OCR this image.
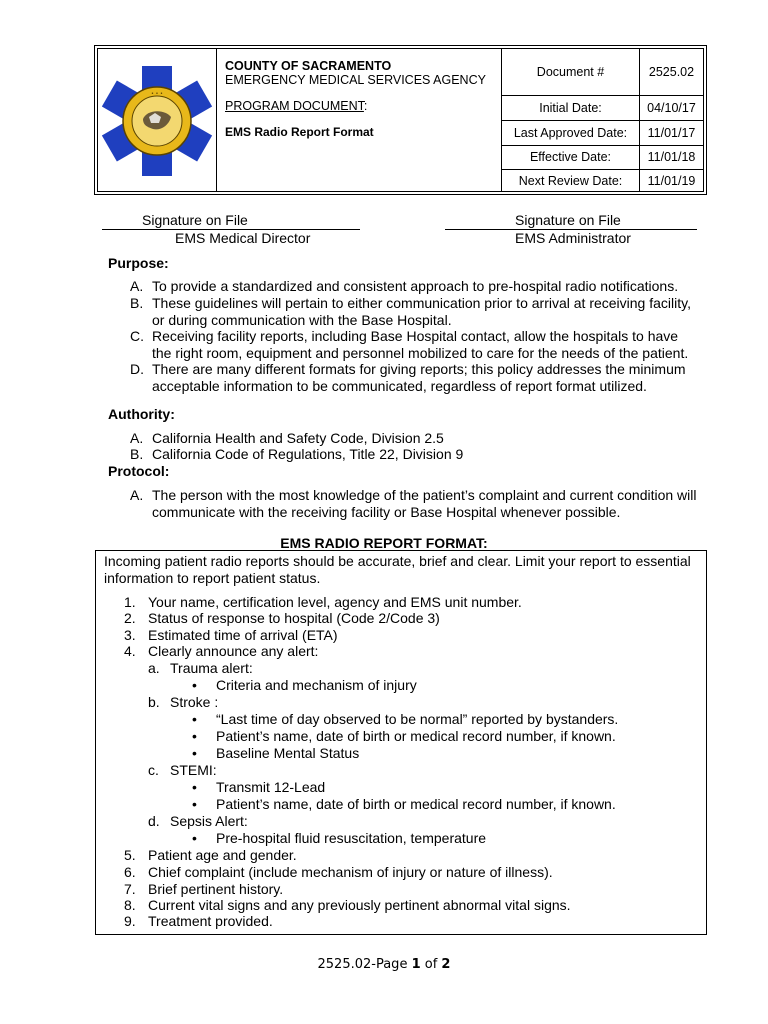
• • •
COUNTY OF SACRAMENTO
EMERGENCY MEDICAL SERVICES AGENCY
PROGRAM DOCUMENT:
EMS Radio Report Format
Document #	2525.02
Initial Date:	04/10/17
Last Approved Date:	11/01/17
Effective Date:	11/01/18
Next Review Date:	11/01/19
Signature on File
EMS Medical Director
Signature on File
EMS Administrator
Purpose:
A. To provide a standardized and consistent approach to pre-hospital radio notifications.
B. These guidelines will pertain to either communication prior to arrival at receiving facility, or during communication with the Base Hospital.
C. Receiving facility reports, including Base Hospital contact, allow the hospitals to have the right room, equipment and personnel mobilized to care for the needs of the patient.
D. There are many different formats for giving reports; this policy addresses the minimum acceptable information to be communicated, regardless of report format utilized.
Authority:
A. California Health and Safety Code, Division 2.5
B. California Code of Regulations, Title 22, Division 9
Protocol:
A. The person with the most knowledge of the patient’s complaint and current condition will communicate with the receiving facility or Base Hospital whenever possible.
EMS RADIO REPORT FORMAT:
Incoming patient radio reports should be accurate, brief and clear. Limit your report to essential information to report patient status.
1. Your name, certification level, agency and EMS unit number.
2. Status of response to hospital (Code 2/Code 3)
3. Estimated time of arrival (ETA)
4. Clearly announce any alert:
a. Trauma alert:
• Criteria and mechanism of injury
b. Stroke :
• “Last time of day observed to be normal” reported by bystanders.
• Patient’s name, date of birth or medical record number, if known.
• Baseline Mental Status
c. STEMI:
• Transmit 12-Lead
• Patient’s name, date of birth or medical record number, if known.
d. Sepsis Alert:
• Pre-hospital fluid resuscitation, temperature
5. Patient age and gender.
6. Chief complaint (include mechanism of injury or nature of illness).
7. Brief pertinent history.
8. Current vital signs and any previously pertinent abnormal vital signs.
9. Treatment provided.
2525.02-Page 1 of 2
